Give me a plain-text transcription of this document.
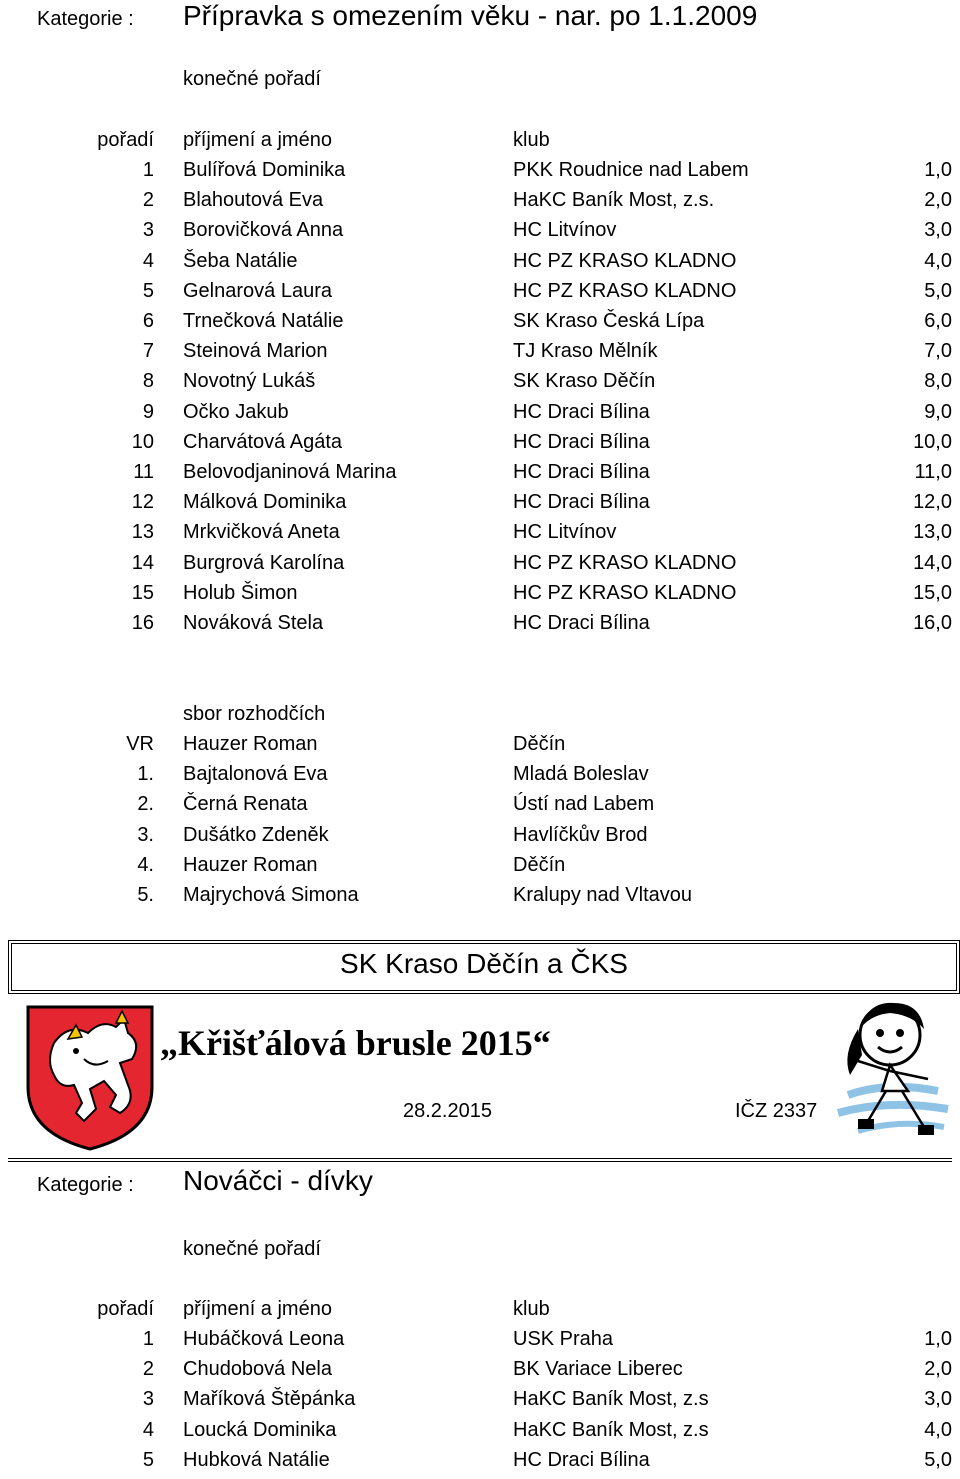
Kategorie : Přípravka s omezením věku - nar. po 1.1.2009
konečné pořadí
pořadí příjmení a jméno	klub
1 Bulířová Dominika	PKK Roudnice nad Labem	1,0
2 Blahoutová Eva	HaKC Baník Most, z.s.	2,0
3 Borovičková Anna	HC Litvínov	3,0
4 Šeba Natálie	HC PZ KRASO KLADNO	4,0
5 Gelnarová Laura	HC PZ KRASO KLADNO	5,0
6 Trnečková Natálie	SK Kraso Česká Lípa	6,0
7 Steinová Marion	TJ Kraso Mělník	7,0
8 Novotný Lukáš	SK Kraso Děčín	8,0
9 Očko Jakub	HC Draci Bílina	9,0
10 Charvátová Agáta	HC Draci Bílina	10,0
11 Belovodjaninová Marina	HC Draci Bílina	11,0
12 Málková Dominika	HC Draci Bílina	12,0
13 Mrkvičková Aneta	HC Litvínov	13,0
14 Burgrová Karolína	HC PZ KRASO KLADNO	14,0
15 Holub Šimon	HC PZ KRASO KLADNO	15,0
16 Nováková Stela	HC Draci Bílina	16,0
sbor rozhodčích
VR Hauzer Roman	Děčín
1. Bajtalonová Eva	Mladá Boleslav
2. Černá Renata	Ústí nad Labem
3. Dušátko Zdeněk	Havlíčkův Brod
4. Hauzer Roman	Děčín
5. Majrychová Simona	Kralupy nad Vltavou
SK Kraso Děčín a ČKS
„Křišťálová brusle 2015“
28.2.2015	IČZ 2337
Kategorie : Nováčci - dívky
konečné pořadí
pořadí příjmení a jméno	klub
1 Hubáčková Leona	USK Praha	1,0
2 Chudobová Nela	BK Variace Liberec	2,0
3 Maříková Štěpánka	HaKC Baník Most, z.s	3,0
4 Loucká Dominika	HaKC Baník Most, z.s	4,0
5 Hubková Natálie	HC Draci Bílina	5,0
